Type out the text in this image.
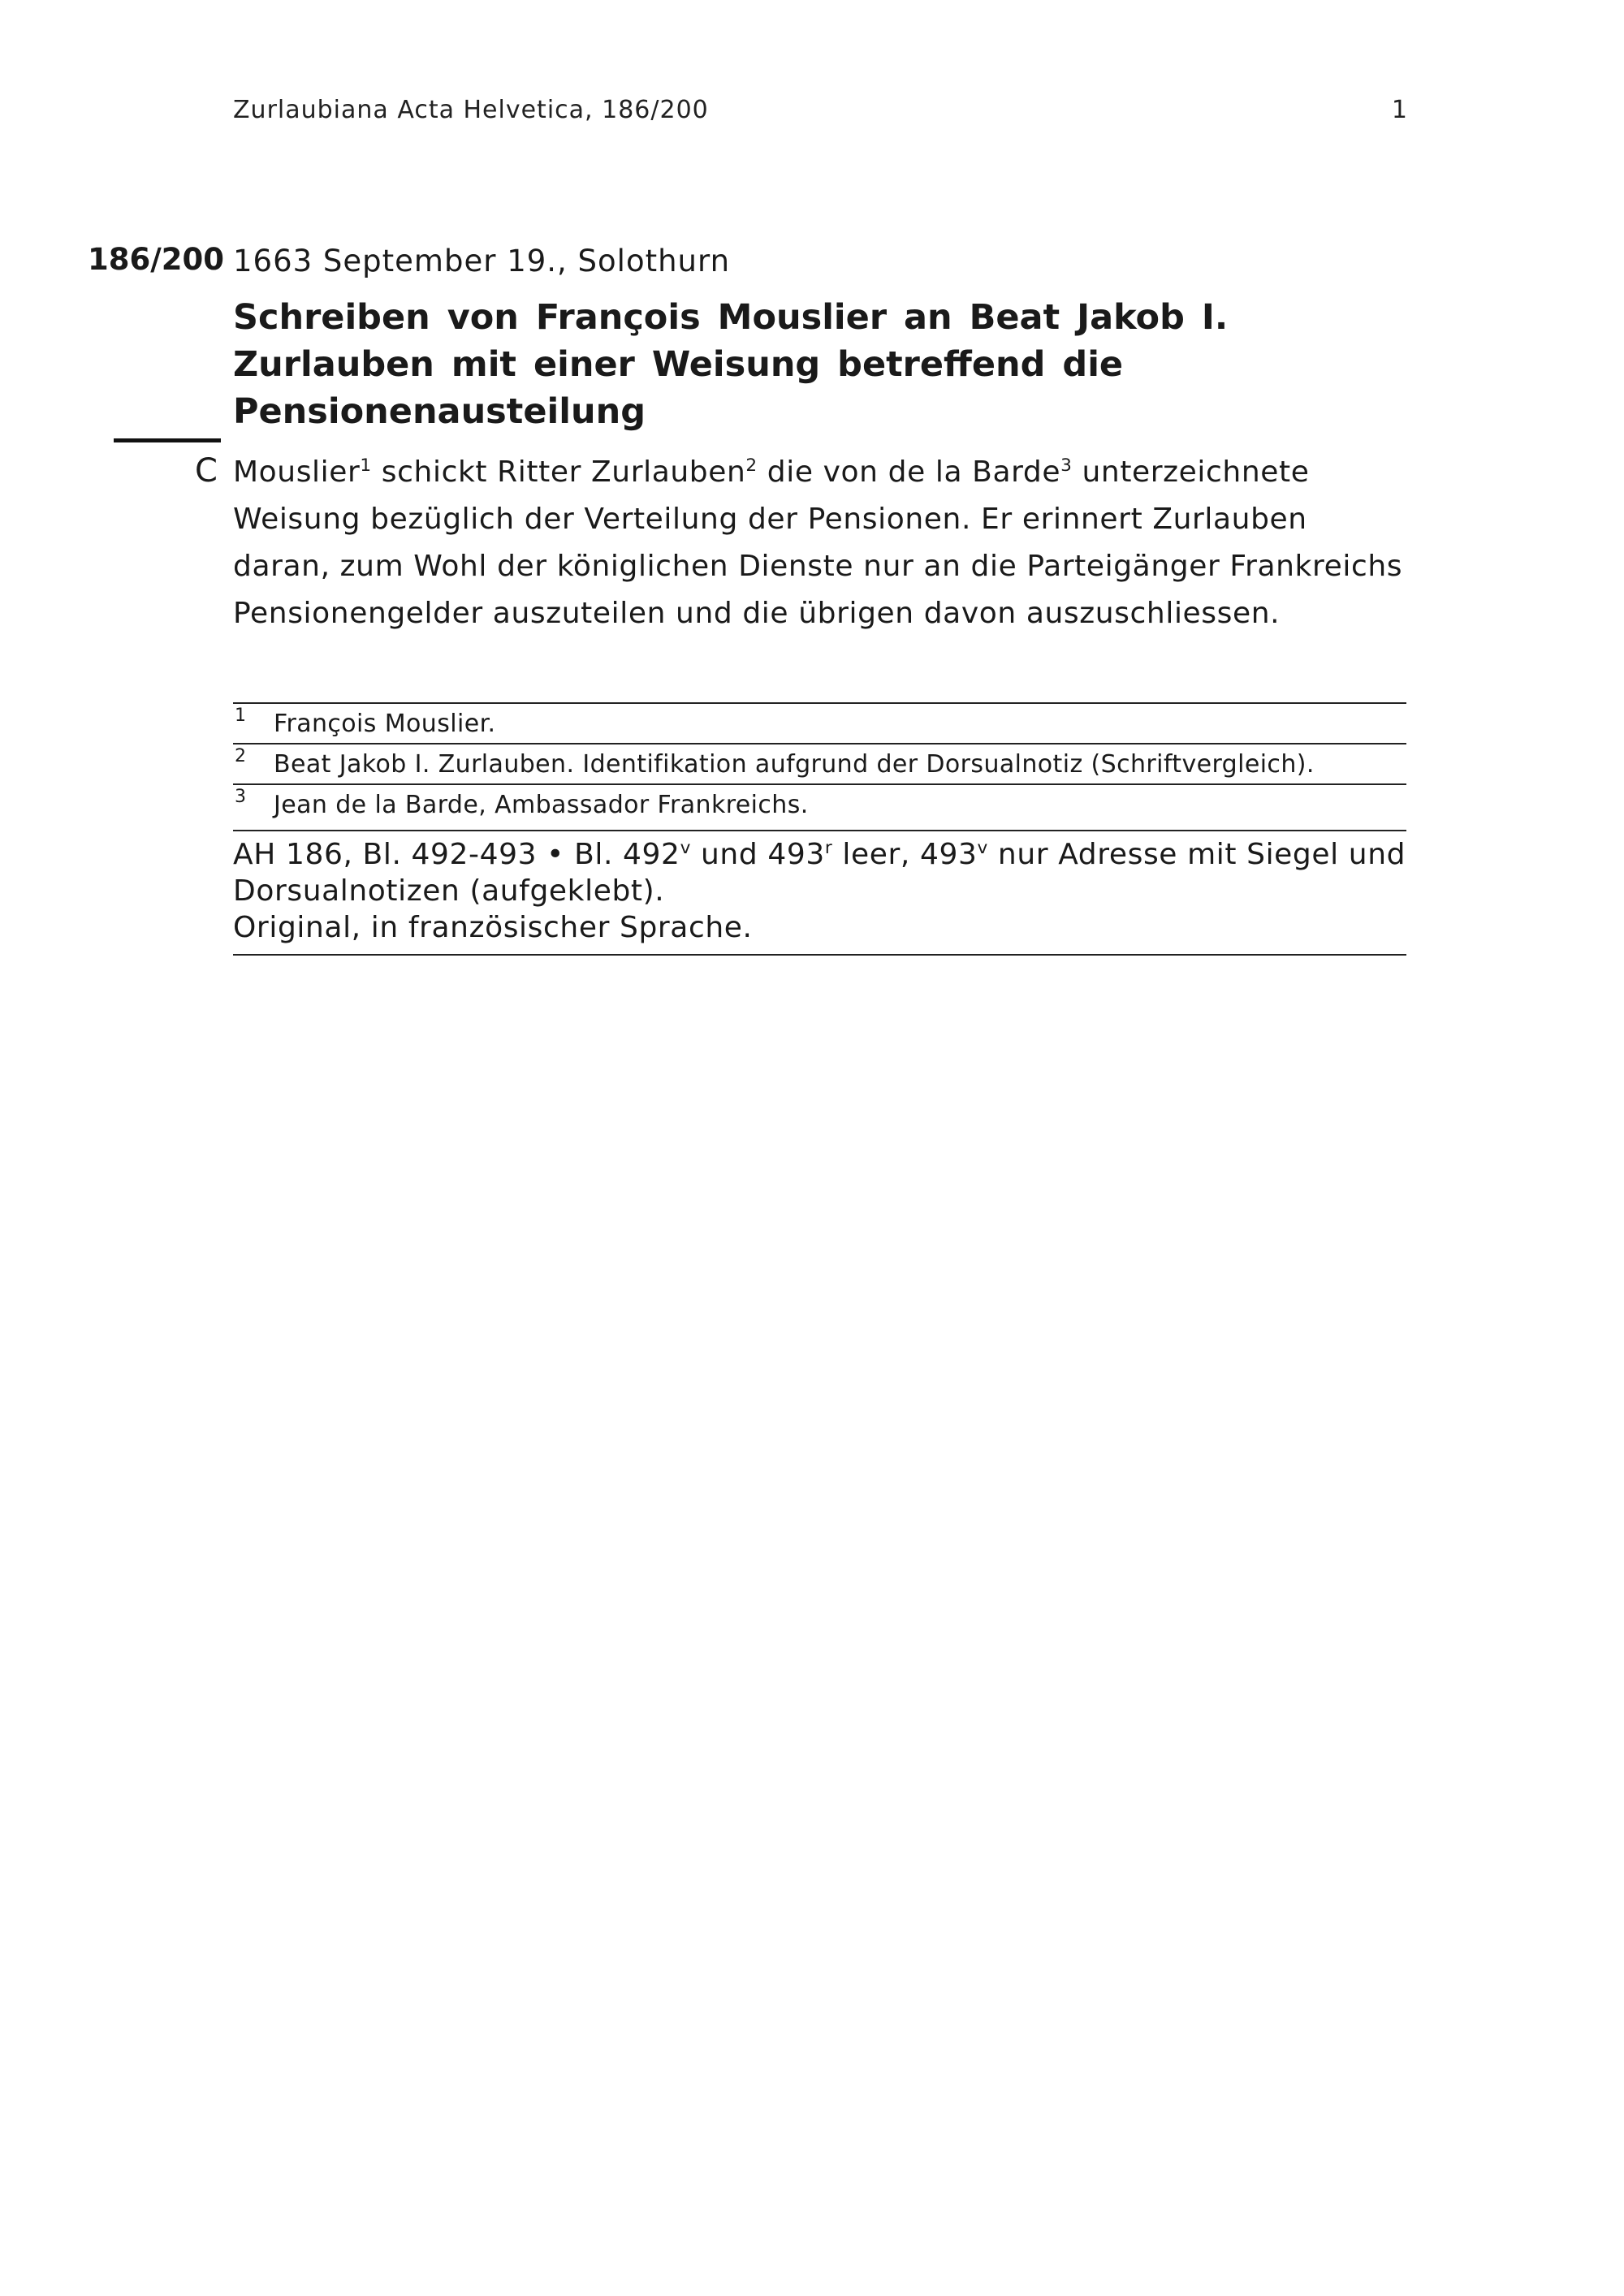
Zurlaubiana Acta Helvetica, 186/200	1
186/200 1663 September 19., Solothurn
Schreiben von François Mouslier an Beat Jakob I. Zurlauben mit einer Weisung betreffend die Pensionenausteilung
C Mouslier$^1$ schickt Ritter Zurlauben$^2$ die von de la Barde$^3$ unterzeichnete Weisung bezüglich der Verteilung der Pensionen. Er erinnert Zurlauben daran, zum Wohl der königlichen Dienste nur an die Parteigänger Frankreichs Pensionengelder auszuteilen und die übrigen davon auszuschliessen.

1 François Mouslier.
2 Beat Jakob I. Zurlauben. Identifikation aufgrund der Dorsualnotiz (Schriftvergleich).
3 Jean de la Barde, Ambassador Frankreichs.

AH 186, Bl. 492-493 • Bl. 492$^v$ und 493$^r$ leer, 493$^v$ nur Adresse mit Siegel und Dorsualnotizen (aufgeklebt).

Original, in französischer Sprache.
